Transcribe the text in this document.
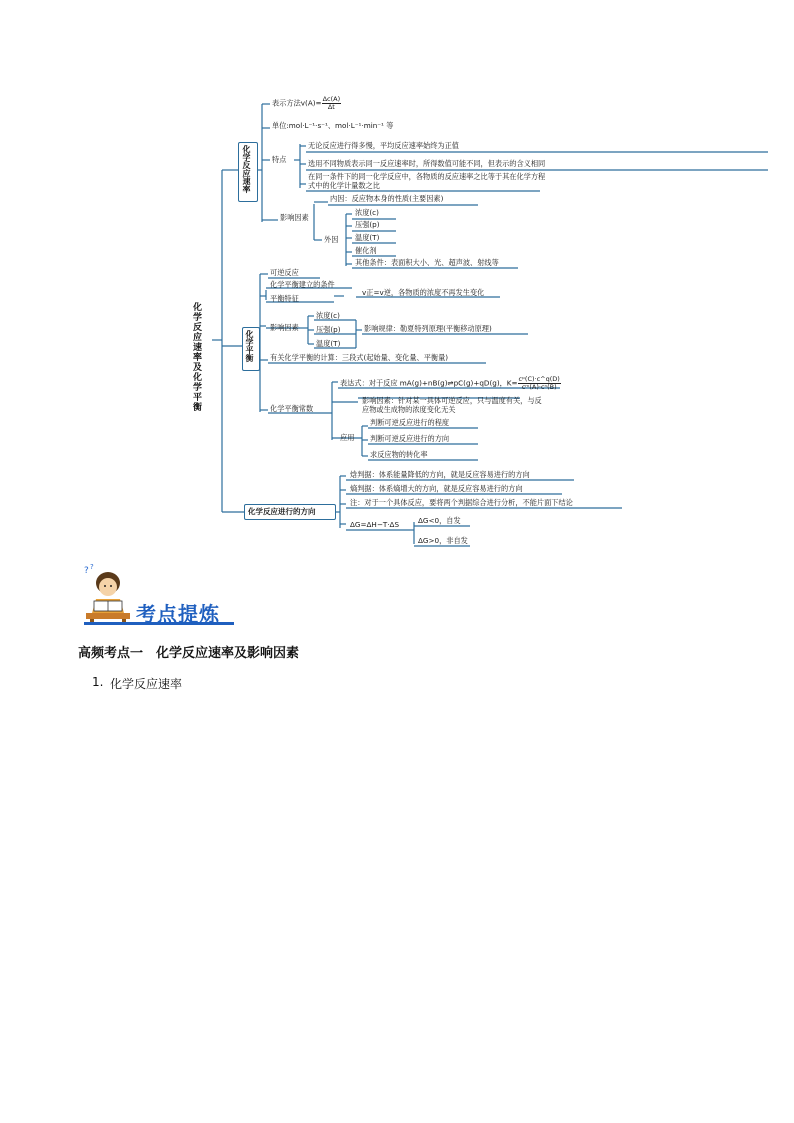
化学反应速率及化学平衡
化学反应速率
表示方法$v(A)= \frac{\Delta c(A)}{\Delta t}$
单位:mol·L⁻¹·s⁻¹、mol·L⁻¹·min⁻¹ 等
特点
无论反应进行得多慢，平均反应速率始终为正值
选用不同物质表示同一反应速率时，所得数值可能不同，但表示的含义相同
在同一条件下的同一化学反应中，各物质的反应速率之比等于其在化学方程
式中的化学计量数之比
影响因素
内因：反应物本身的性质(主要因素)
外因
浓度(c)
压强(p)
温度(T)
催化剂
其他条件：表面积大小、光、超声波、射线等
化学平衡
可逆反应
化学平衡建立的条件
平衡特征
v正=v逆，各物质的浓度不再发生变化
影响因素
浓度(c)
压强(p)
温度(T)
影响规律：勒夏特列原理(平衡移动原理)
有关化学平衡的计算：三段式(起始量、变化量、平衡量)
化学平衡常数
表达式：对于反应 mA(g)+nB(g)⇌pC(g)+qD(g)，$K= \frac{\text{cᵖ(C)·c\textasciicircum{}q(D)}}{\text{cᵐ(A)·cⁿ(B)}}$
影响因素：针对某一具体可逆反应，只与温度有关，与反
应物或生成物的浓度变化无关
应用
判断可逆反应进行的程度
判断可逆反应进行的方向
求反应物的转化率
化学反应进行的方向
焓判据：体系能量降低的方向，就是反应容易进行的方向
熵判据：体系熵增大的方向，就是反应容易进行的方向
注：对于一个具体反应，要将两个判据综合进行分析，不能片面下结论
ΔG=ΔH−T·ΔS	ΔG<0，自发
ΔG>0，非自发
? ?
考点提炼
高频考点一　化学反应速率及影响因素
1. 化学反应速率
